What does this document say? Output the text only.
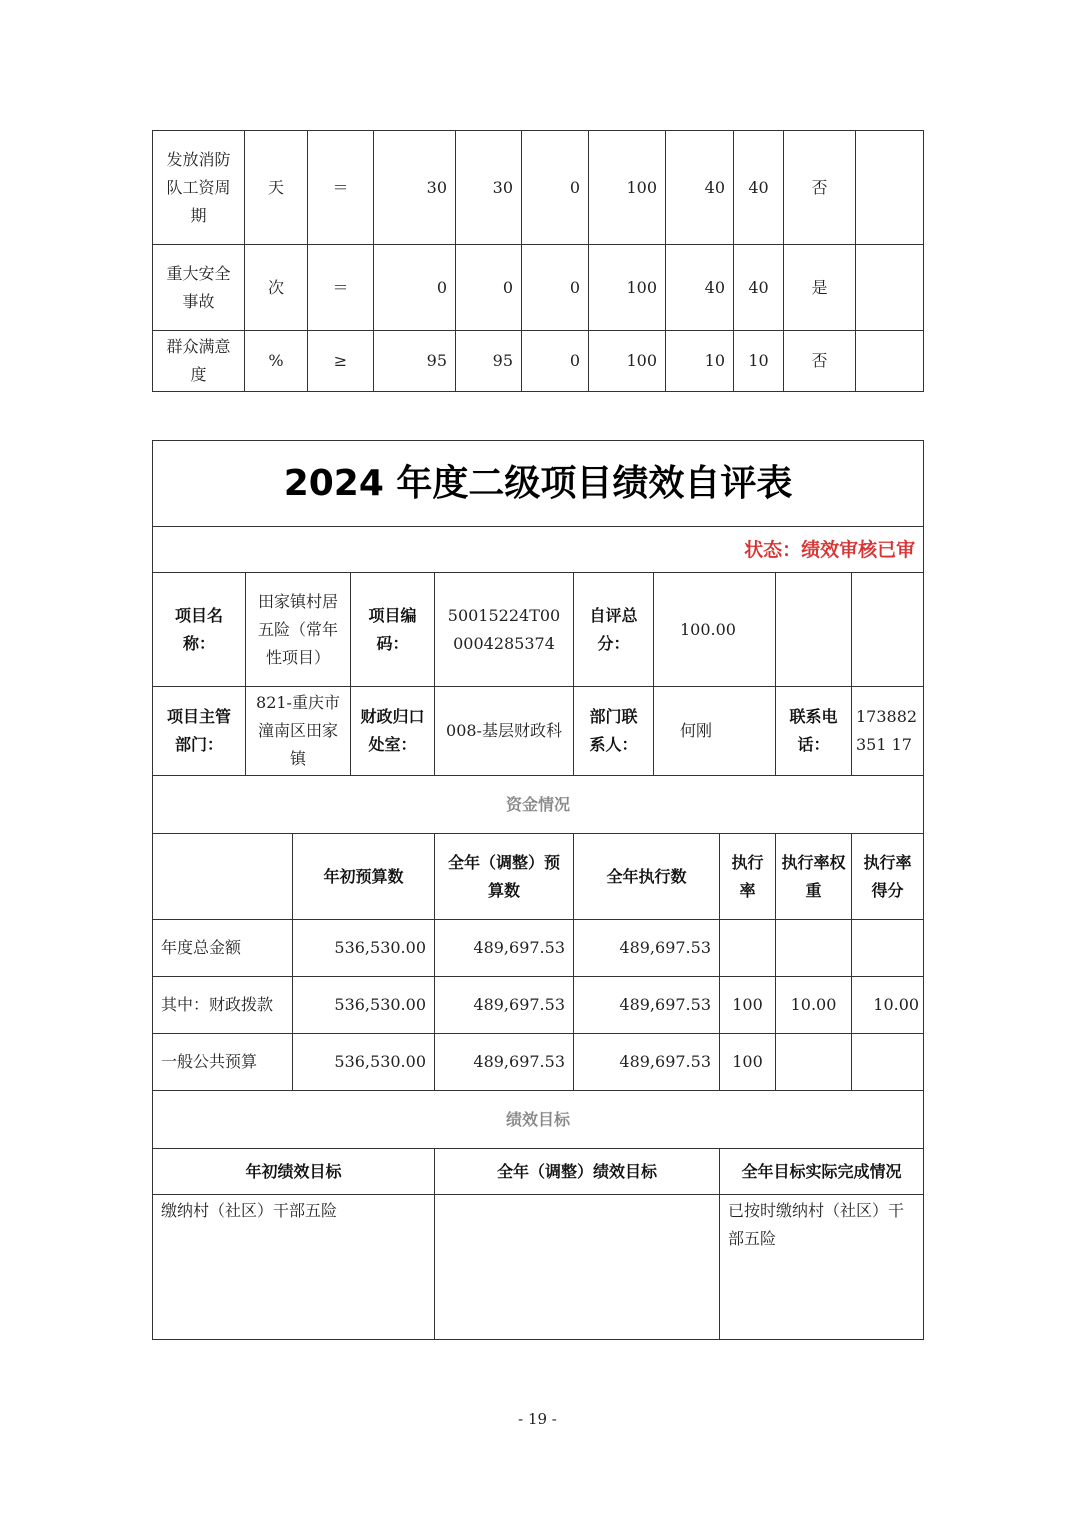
发放消防队工资周期	天	＝	30	30	0	100	40	40	否	
重大安全事故	次	＝	0	0	0	100	40	40	是	
群众满意度	%	≥	95	95	0	100	10	10	否	
2024 年度二级项目绩效自评表									
状态：绩效审核已审									
项目名称：	田家镇村居五险（常年性项目）		项目编码：	50015224T000004285374	自评总分：	100.00			
项目主管部门：	821-重庆市潼南区田家镇		财政归口处室：	008-基层财政科	部门联系人：	何刚		联系电话：	173882351 17
资金情况									
		年初预算数		全年（调整）预算数	全年执行数		执行率	执行率权重	执行率得分
年度总金额		536,530.00		489,697.53	489,697.53				
其中：财政拨款		536,530.00		489,697.53	489,697.53		100	10.00	10.00
一般公共预算		536,530.00		489,697.53	489,697.53		100		
绩效目标									
年初绩效目标				全年（调整）绩效目标			全年目标实际完成情况		
缴纳村（社区）干部五险							已按时缴纳村（社区）干部五险		
- 19 -
